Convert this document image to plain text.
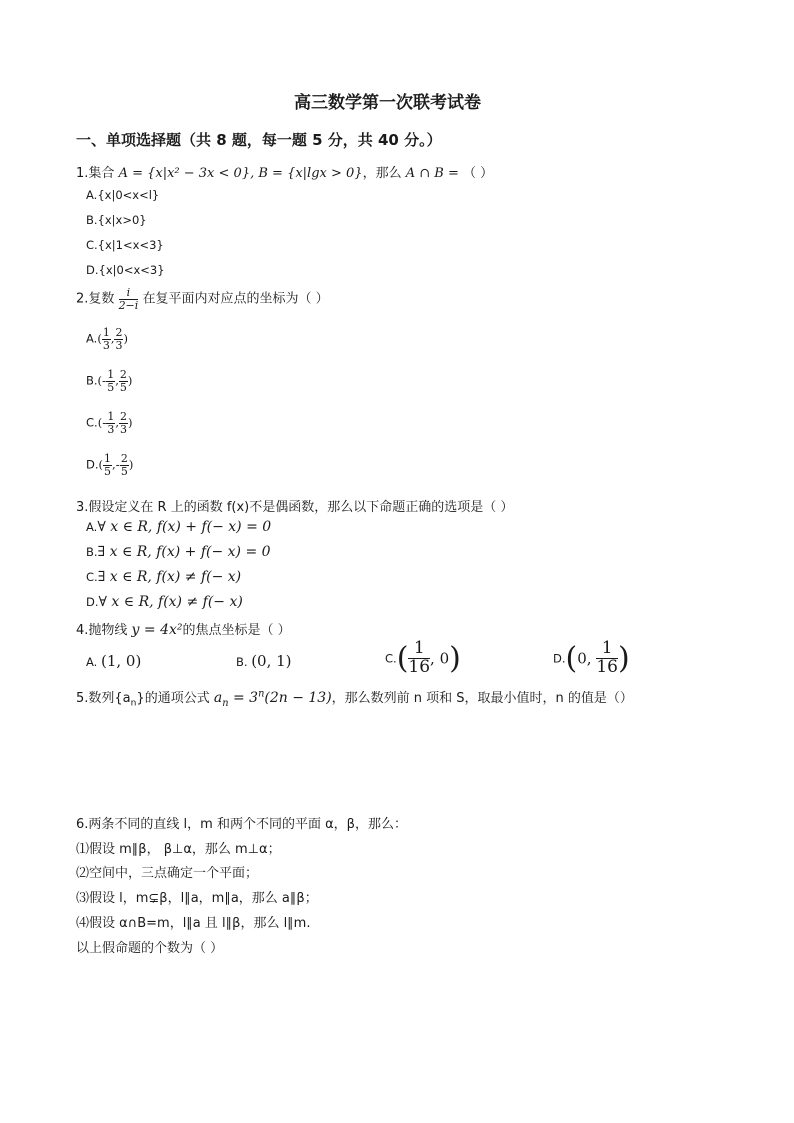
高三数学第一次联考试卷
一、单项选择题（共 8 题，每一题 5 分，共 40 分。）
1.集合 A = {x|x² − 3x < 0}, B = {x|lgx > 0}，那么 A ∩ B = （ ）
A.{x|0<x<l}
B.{x|x>0}
C.{x|1<x<3}
D.{x|0<x<3}
2.复数 $\frac{i}{2-i}$ 在复平面内对应点的坐标为（ ）
$A.( \frac{1}{3}$ , $\frac{2}{3}$ )
$B.(- \frac{1}{5}$ , $\frac{2}{5}$ )
$C.(- \frac{1}{3}$ , $\frac{2}{3}$ )
$D.( \frac{1}{5}$ ,- $\frac{2}{5}$ )
3.假设定义在 R 上的函数 f(x)不是偶函数，那么以下命题正确的选项是（ ）
A.∀ x ∈ R, f(x) + f(− x) = 0
B.∃ x ∈ R, f(x) + f(− x) = 0
C.∃ x ∈ R, f(x) ≠ f(− x)
D.∀ x ∈ R, f(x) ≠ f(− x)
4.抛物线 y = 4x²的焦点坐标是（ ）
A. (1, 0)	B. (0, 1)	$C.( \frac{1}{16}$ , 0)	D.(0, $\frac{1}{16}$ )
5.数列$\{a_n\}$的通项公式 $a_n = 3^n(2n - 13)$，那么数列前 n 项和 S，取最小值时，n 的值是（）
6.两条不同的直线 l，m 和两个不同的平面 α，β，那么：
⑴假设 m∥β， β⊥α，那么 m⊥α；
⑵空间中，三点确定一个平面；
⑶假设 l，m⊊β，l∥a，m∥a，那么 a∥β；
⑷假设 α∩B=m，l∥a 且 l∥β，那么 l∥m.
以上假命题的个数为（ ）
